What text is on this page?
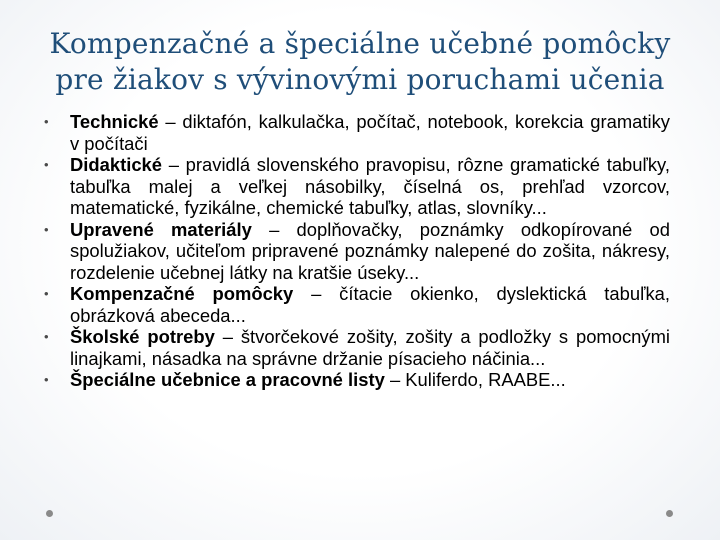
Kompenzačné a špeciálne učebné pomôcky
pre žiakov s vývinovými poruchami učenia
• Technické – diktafón, kalkulačka, počítač, notebook, korekcia gramatiky v počítači
• Didaktické – pravidlá slovenského pravopisu, rôzne gramatické tabuľky, tabuľka malej a veľkej násobilky, číselná os, prehľad vzorcov, matematické, fyzikálne, chemické tabuľky, atlas, slovníky...
• Upravené materiály – doplňovačky, poznámky odkopírované od spolužiakov, učiteľom pripravené poznámky nalepené do zošita, nákresy, rozdelenie učebnej látky na kratšie úseky...
• Kompenzačné pomôcky – čítacie okienko, dyslektická tabuľka, obrázková abeceda...
• Školské potreby – štvorčekové zošity, zošity a podložky s pomocnými linajkami, násadka na správne držanie písacieho náčinia...
• Špeciálne učebnice a pracovné listy – Kuliferdo, RAABE...
